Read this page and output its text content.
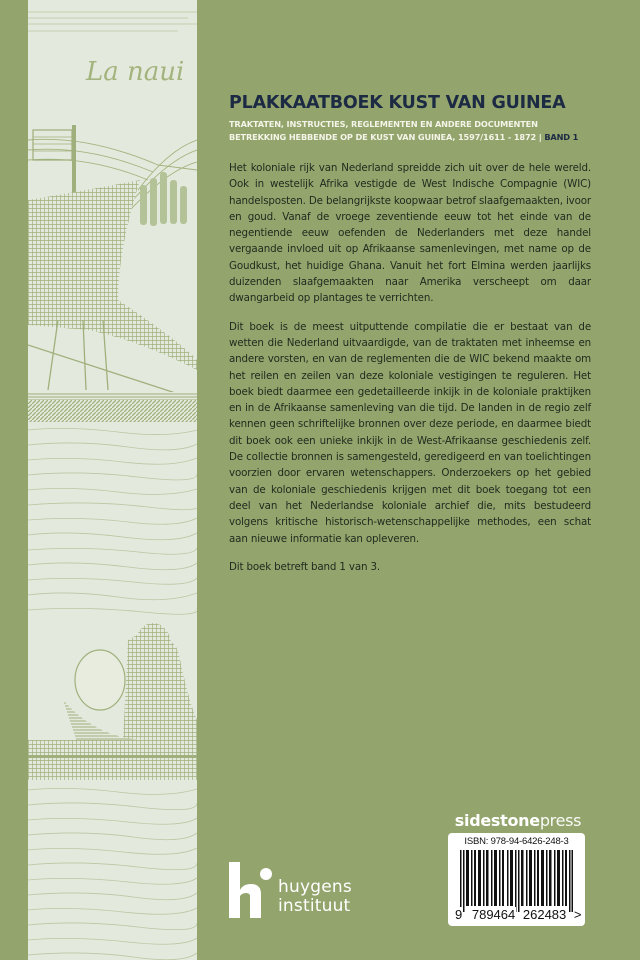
La naui
PLAKKAATBOEK KUST VAN GUINEA
TRAKTATEN, INSTRUCTIES, REGLEMENTEN EN ANDERE DOCUMENTEN
BETREKKING HEBBENDE OP DE KUST VAN GUINEA, 1597/1611 - 1872 | BAND 1

Het koloniale rijk van Nederland spreidde zich uit over de hele wereld. Ook in westelijk Afrika vestigde de West Indische Compagnie (WIC) handelsposten. De belangrijkste koopwaar betrof slaafgemaakten, ivoor en goud. Vanaf de vroege zeventiende eeuw tot het einde van de negentiende eeuw oefenden de Nederlanders met deze handel vergaande invloed uit op Afrikaanse samenlevingen, met name op de Goudkust, het huidige Ghana. Vanuit het fort Elmina werden jaarlijks duizenden slaafgemaakten naar Amerika verscheept om daar dwangarbeid op plantages te verrichten.

Dit boek is de meest uitputtende compilatie die er bestaat van de wetten die Nederland uitvaardigde, van de traktaten met inheemse en andere vorsten, en van de reglementen die de WIC bekend maakte om het reilen en zeilen van deze koloniale vestigingen te reguleren. Het boek biedt daarmee een gedetailleerde inkijk in de koloniale praktijken en in de Afrikaanse samenleving van die tijd. De landen in de regio zelf kennen geen schriftelijke bronnen over deze periode, en daarmee biedt dit boek ook een unieke inkijk in de West-Afrikaanse geschiedenis zelf. De collectie bronnen is samengesteld, geredigeerd en van toelichtingen voorzien door ervaren wetenschappers. Onderzoekers op het gebied van de koloniale geschiedenis krijgen met dit boek toegang tot een deel van het Nederlandse koloniale archief die, mits bestudeerd volgens kritische historisch-wetenschappelijke methodes, een schat aan nieuwe informatie kan opleveren.

Dit boek betreft band 1 van 3.

huygens
instituut
sidestonepress
ISBN: 978-94-6426-248-3
9 789464 262483 >
